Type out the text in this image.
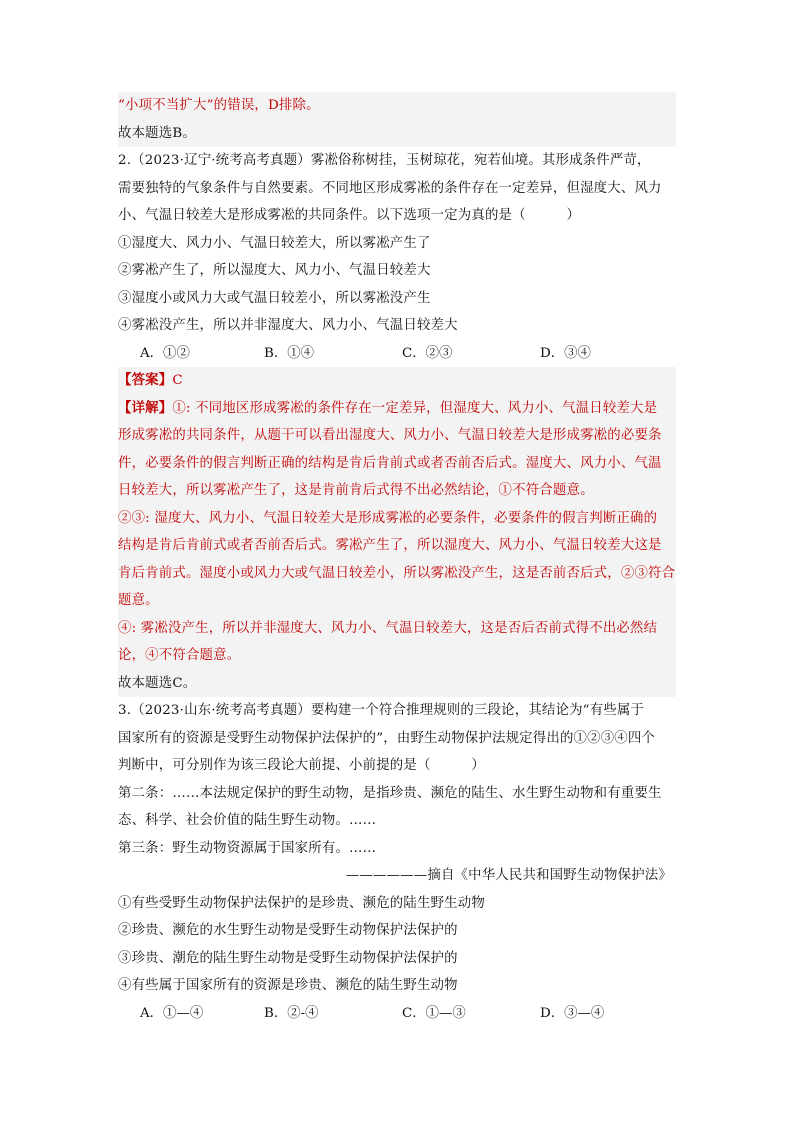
“小项不当扩大”的错误，D排除。
故本题选B。
2.（2023·辽宁·统考高考真题）雾凇俗称树挂，玉树琼花，宛若仙境。其形成条件严苛，
需要独特的气象条件与自然要素。不同地区形成雾凇的条件存在一定差异，但湿度大、风力
小、气温日较差大是形成雾凇的共同条件。以下选项一定为真的是（　　　）
①湿度大、风力小、气温日较差大，所以雾凇产生了
②雾凇产生了，所以湿度大、风力小、气温日较差大
③湿度小或风力大或气温日较差小，所以雾凇没产生
④雾凇没产生，所以并非湿度大、风力小、气温日较差大
A．①②	B．①④	C．②③	D．③④
【答案】C
【详解】①: 不同地区形成雾凇的条件存在一定差异，但湿度大、风力小、气温日较差大是
形成雾凇的共同条件，从题干可以看出湿度大、风力小、气温日较差大是形成雾凇的必要条
件，必要条件的假言判断正确的结构是肯后肯前式或者否前否后式。湿度大、风力小、气温
日较差大，所以雾凇产生了，这是肯前肯后式得不出必然结论，①不符合题意。
②③: 湿度大、风力小、气温日较差大是形成雾凇的必要条件，必要条件的假言判断正确的
结构是肯后肯前式或者否前否后式。雾凇产生了，所以湿度大、风力小、气温日较差大这是
肯后肯前式。湿度小或风力大或气温日较差小，所以雾凇没产生，这是否前否后式，②③符合
题意。
④: 雾凇没产生，所以并非湿度大、风力小、气温日较差大，这是否后否前式得不出必然结
论，④不符合题意。
故本题选C。
3.（2023·山东·统考高考真题）要构建一个符合推理规则的三段论，其结论为“有些属于
国家所有的资源是受野生动物保护法保护的”，由野生动物保护法规定得出的①②③④四个
判断中，可分别作为该三段论大前提、小前提的是（　　　）
第二条：……本法规定保护的野生动物，是指珍贵、濒危的陆生、水生野生动物和有重要生
态、科学、社会价值的陆生野生动物。……
第三条：野生动物资源属于国家所有。……
——————摘自《中华人民共和国野生动物保护法》
①有些受野生动物保护法保护的是珍贵、濒危的陆生野生动物
②珍贵、濒危的水生野生动物是受野生动物保护法保护的
③珍贵、潮危的陆生野生动物是受野生动物保护法保护的
④有些属于国家所有的资源是珍贵、濒危的陆生野生动物
A．①—④	B．②-④	C．①—③	D．③—④
